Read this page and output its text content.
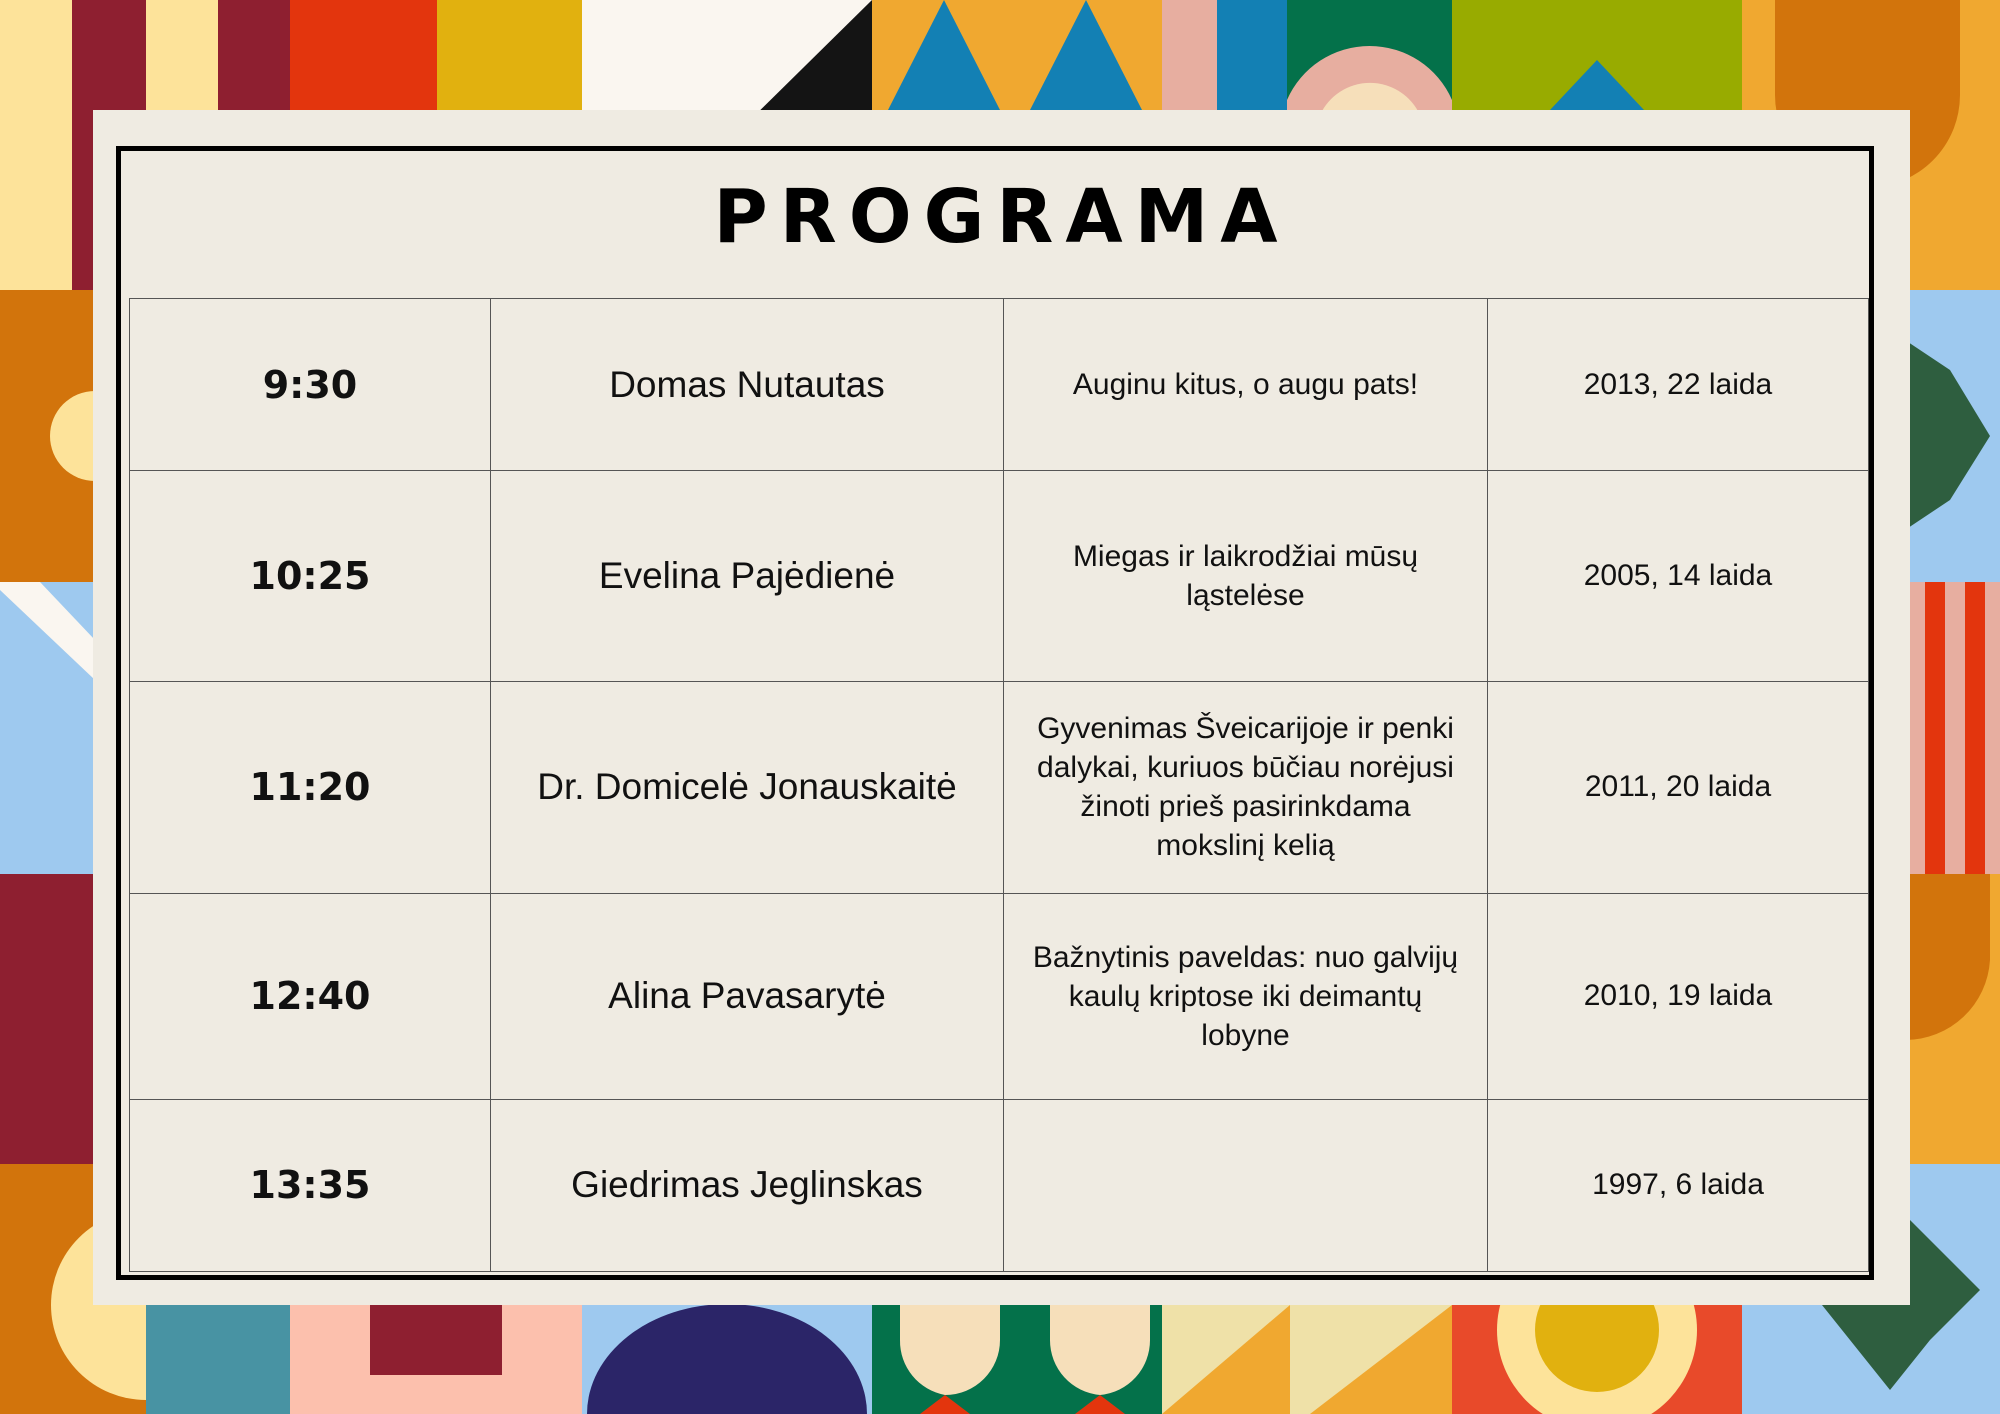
PROGRAMA
9:30	Domas Nutautas	Auginu kitus, o augu pats!	2013, 22 laida
10:25	Evelina Pajėdienė	Miegas ir laikrodžiai mūsų ląstelėse	2005, 14 laida
11:20	Dr. Domicelė Jonauskaitė	Gyvenimas Šveicarijoje ir penki dalykai, kuriuos būčiau norėjusi žinoti prieš pasirinkdama mokslinį kelią	2011, 20 laida
12:40	Alina Pavasarytė	Bažnytinis paveldas: nuo galvijų kaulų kriptose iki deimantų lobyne	2010, 19 laida
13:35	Giedrimas Jeglinskas		1997, 6 laida
